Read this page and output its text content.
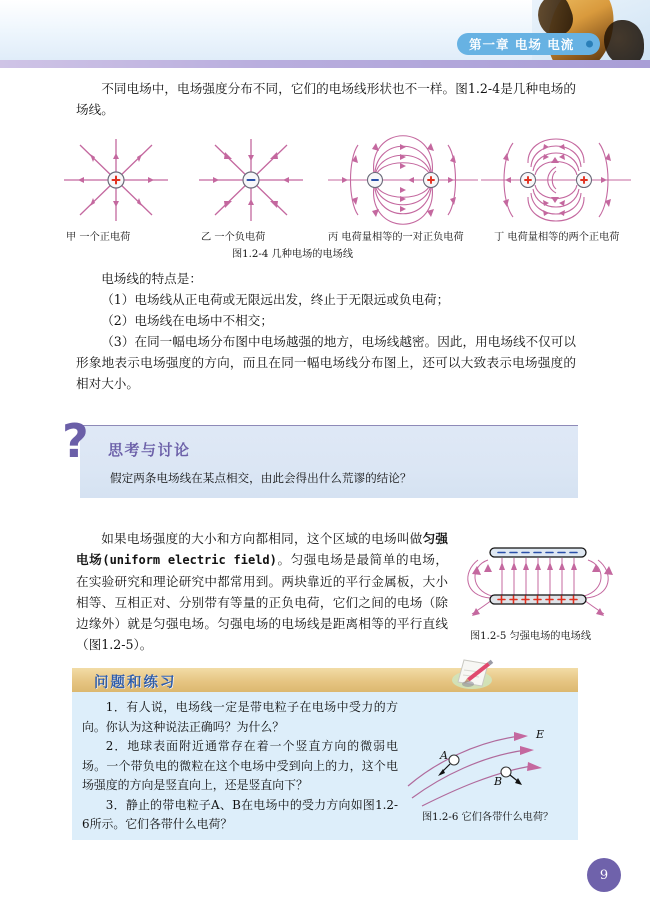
第一章 电场 电流
不同电场中，电场强度分布不同，它们的电场线形状也不一样。图1.2-4是几种电场的场线。
甲 一个正电荷	乙 一个负电荷	丙 电荷量相等的一对正负电荷	丁 电荷量相等的两个正电荷
图1.2-4 几种电场的电场线
电场线的特点是：
（1）电场线从正电荷或无限远出发，终止于无限远或负电荷；
（2）电场线在电场中不相交；
（3）在同一幅电场分布图中电场越强的地方，电场线越密。因此，用电场线不仅可以形象地表示电场强度的方向，而且在同一幅电场线分布图上，还可以大致表示电场强度的相对大小。
?	思考与讨论
假定两条电场线在某点相交，由此会得出什么荒谬的结论？
如果电场强度的大小和方向都相同，这个区域的电场叫做匀强电场(uniform electric field)。匀强电场是最简单的电场，在实验研究和理论研究中都常用到。两块靠近的平行金属板，大小相等、互相正对、分别带有等量的正负电荷，它们之间的电场（除边缘外）就是匀强电场。匀强电场的电场线是距离相等的平行直线（图1.2-5）。
图1.2-5 匀强电场的电场线

1．有人说，电场线一定是带电粒子在电场中受力的方向。你认为这种说法正确吗？为什么？

2．地球表面附近通常存在着一个竖直方向的微弱电场。一个带负电的微粒在这个电场中受到向上的力，这个电场强度的方向是竖直向上，还是竖直向下？

3．静止的带电粒子A、B在电场中的受力方向如图1.2-6所示。它们各带什么电荷？

E
A
B
图1.2-6 它们各带什么电荷？
问题和练习
9
